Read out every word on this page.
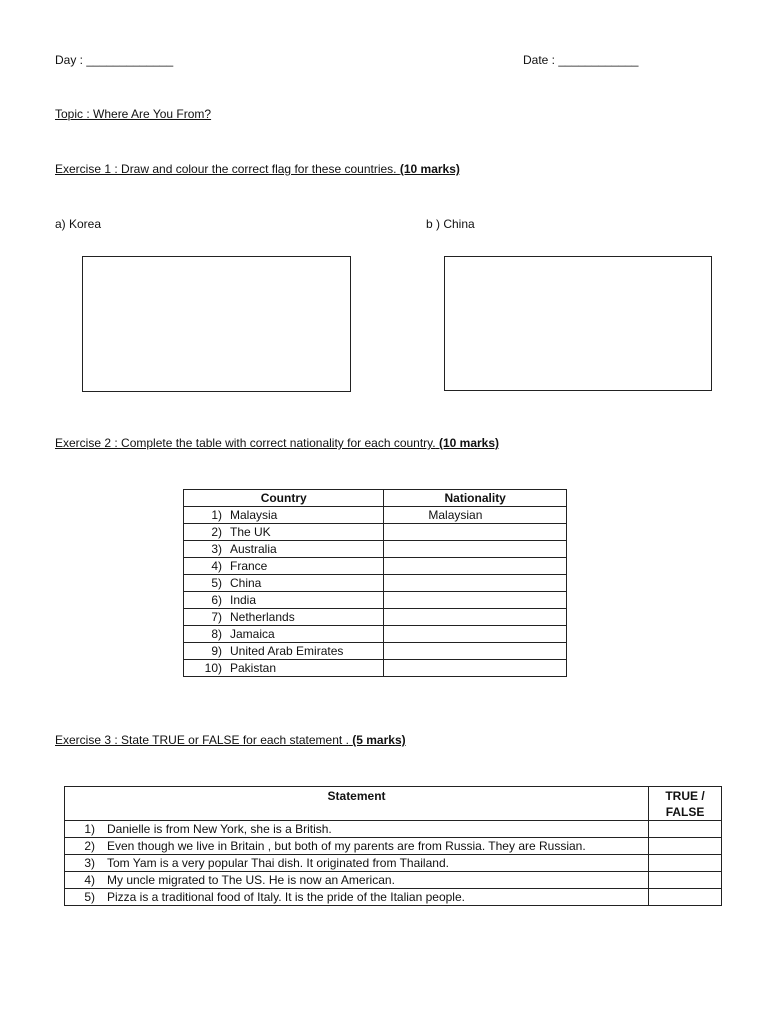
Day : _____________	Date : ____________
Topic : Where Are You From?
Exercise 1 : Draw and colour the correct flag for these countries. (10 marks)
a) Korea	b ) China
Exercise 2 : Complete the table with correct nationality for each country. (10 marks)
Country	Nationality
1) Malaysia	Malaysian
2) The UK	
3) Australia	
4) France	
5) China	
6) India	
7) Netherlands	
8) Jamaica	
9) United Arab Emirates	
10) Pakistan	
Exercise 3 : State TRUE or FALSE for each statement . (5 marks)
Statement	TRUE /
FALSE

1) Danielle is from New York, she is a British.	
2) Even though we live in Britain , but both of my parents are from Russia. They are Russian.	
3) Tom Yam is a very popular Thai dish. It originated from Thailand.	
4) My uncle migrated to The US. He is now an American.	
5) Pizza is a traditional food of Italy. It is the pride of the Italian people.	
